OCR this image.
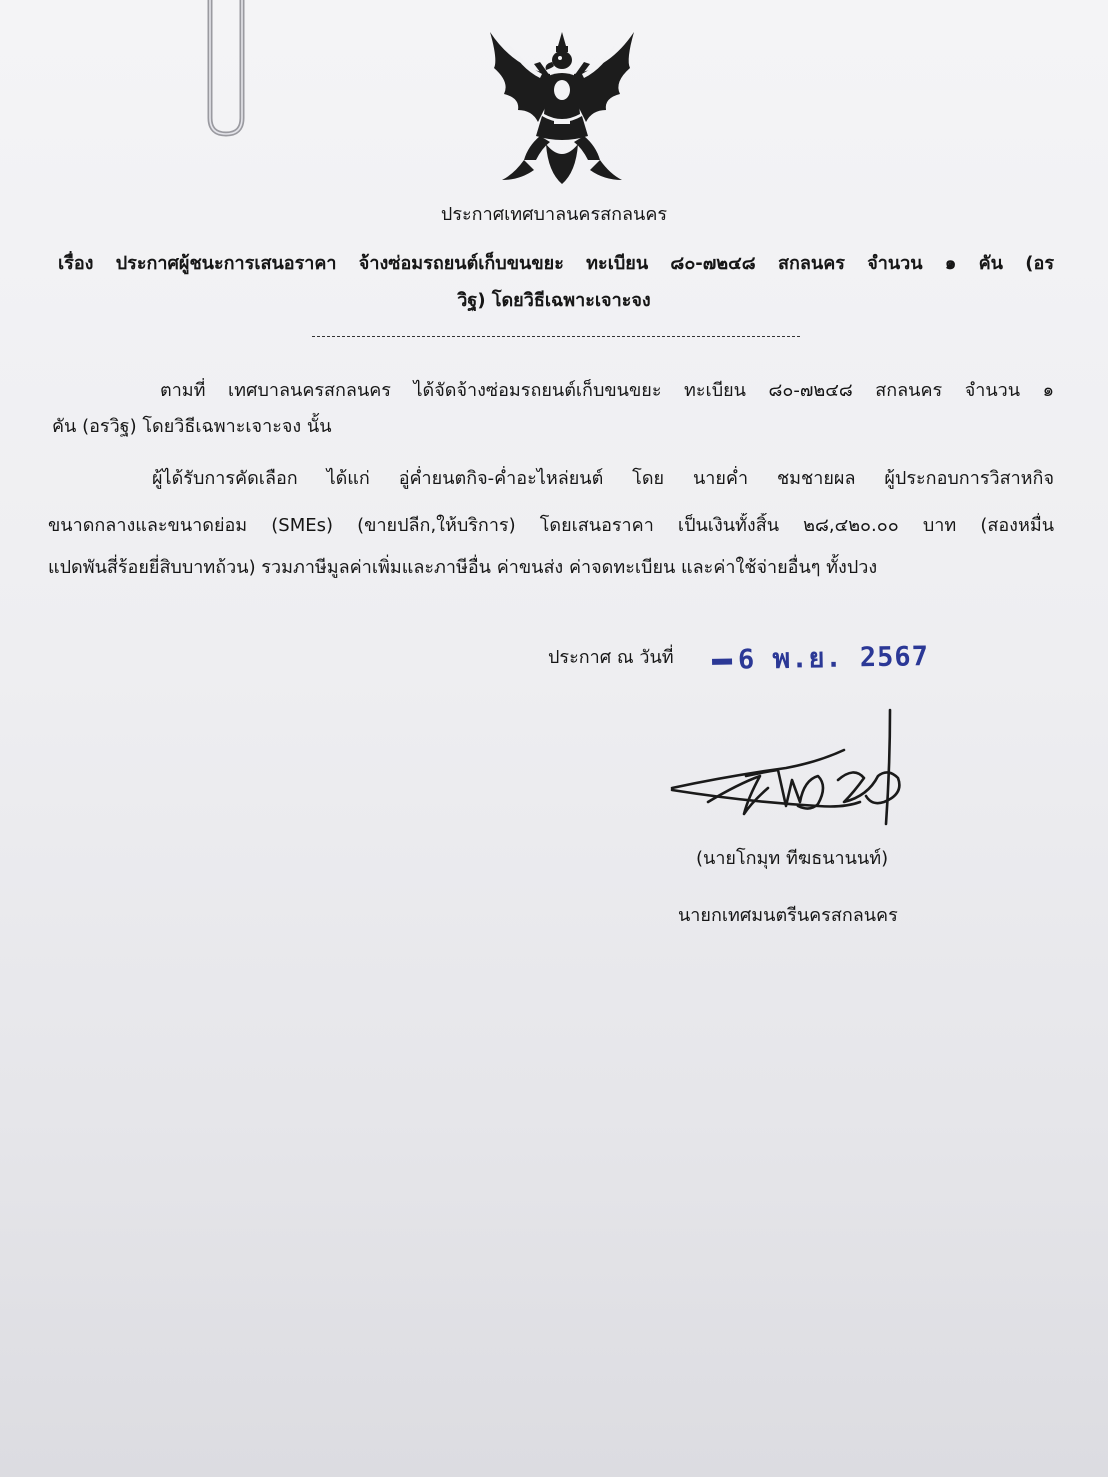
ประกาศเทศบาลนครสกลนคร
เรื่อง ประกาศผู้ชนะการเสนอราคา จ้างซ่อมรถยนต์เก็บขนขยะ ทะเบียน ๘๐-๗๒๔๘ สกลนคร จำนวน ๑ คัน (อร
วิฐ) โดยวิธีเฉพาะเจาะจง
ตามที่ เทศบาลนครสกลนคร ได้จัดจ้างซ่อมรถยนต์เก็บขนขยะ ทะเบียน ๘๐-๗๒๔๘ สกลนคร จำนวน ๑
คัน (อรวิฐ) โดยวิธีเฉพาะเจาะจง นั้น
ผู้ได้รับการคัดเลือก ได้แก่ อู่ค่ำยนตกิจ-ค่ำอะไหล่ยนต์ โดย นายค่ำ ชมชายผล ผู้ประกอบการวิสาหกิจ
ขนาดกลางและขนาดย่อม (SMEs) (ขายปลีก,ให้บริการ) โดยเสนอราคา เป็นเงินทั้งสิ้น ๒๘,๔๒๐.๐๐ บาท (สองหมื่น
แปดพันสี่ร้อยยี่สิบบาทถ้วน) รวมภาษีมูลค่าเพิ่มและภาษีอื่น ค่าขนส่ง ค่าจดทะเบียน และค่าใช้จ่ายอื่นๆ ทั้งปวง
ประกาศ ณ วันที่	6 พ.ย. 2567
(นายโกมุท ทีฆธนานนท์)
นายกเทศมนตรีนครสกลนคร
